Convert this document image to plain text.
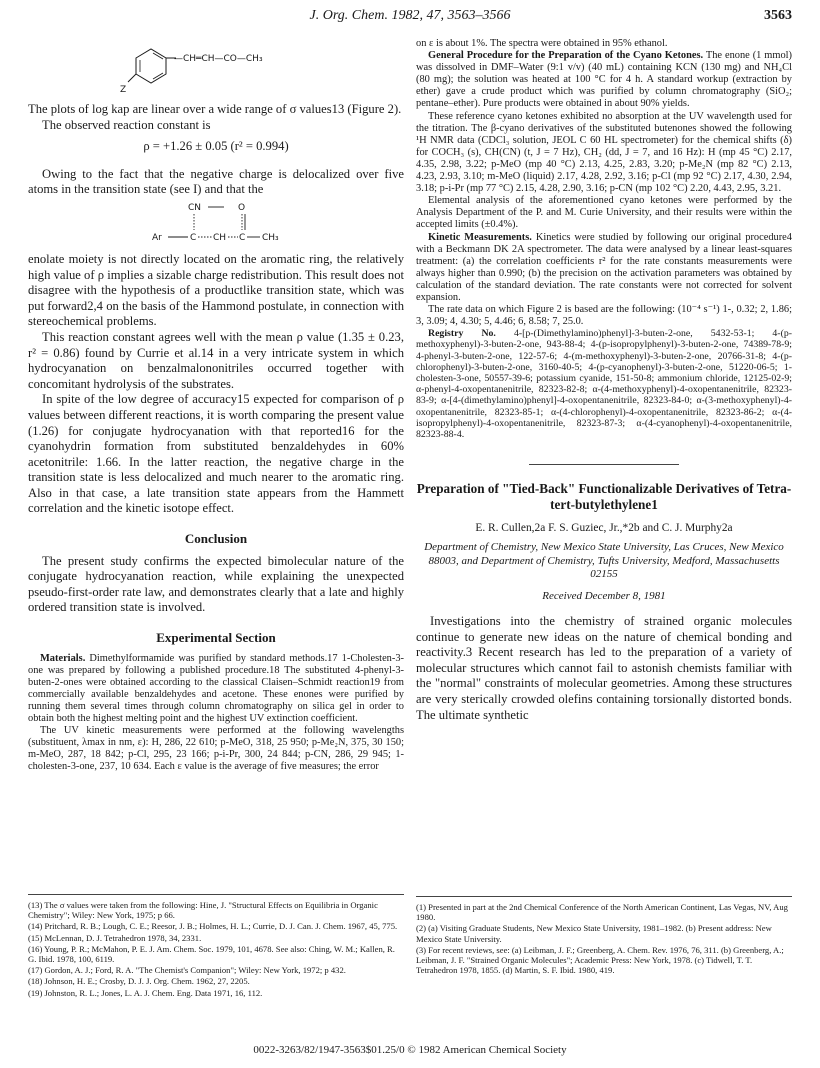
J. Org. Chem. 1982, 47, 3563–3566	3563
Z
—CH═CH—CO—CH₃

The plots of log kap are linear over a wide range of σ values13 (Figure 2).

The observed reaction constant is

ρ = +1.26 ± 0.05 (r² = 0.994)

Owing to the fact that the negative charge is delocalized over five atoms in the transition state (see I) and that the

CN	O
Ar	C CH C CH₃

enolate moiety is not directly located on the aromatic ring, the relatively high value of ρ implies a sizable charge redistribution. This result does not disagree with the hypothesis of a productlike transition state, which was put forward2,4 on the basis of the Hammond postulate, in connection with stereochemical problems.

This reaction constant agrees well with the mean ρ value (1.35 ± 0.23, r² = 0.86) found by Currie et al.14 in a very intricate system in which hydrocyanation on benzalmalononitriles occurred together with concomitant hydrolysis of the substrates.

In spite of the low degree of accuracy15 expected for comparison of ρ values between different reactions, it is worth comparing the present value (1.26) for conjugate hydrocyanation with that reported16 for the cyanohydrin formation from substituted benzaldehydes in 60% acetonitrile: 1.66. In the latter reaction, the negative charge in the transition state is less delocalized and much nearer to the aromatic ring. Also in that case, a late transition state appears from the Hammett correlation and the kinetic isotope effect.

Conclusion

The present study confirms the expected bimolecular nature of the conjugate hydrocyanation reaction, while explaining the unexpected pseudo-first-order rate law, and demonstrates clearly that a late and highly ordered transition state is involved.

Experimental Section

Materials. Dimethylformamide was purified by standard methods.17 1-Cholesten-3-one was prepared by following a published procedure.18 The substituted 4-phenyl-3-buten-2-ones were obtained according to the classical Claisen–Schmidt reaction19 from commercially available benzaldehydes and acetone. These enones were purified by running them several times through column chromatography on silica gel in order to obtain both the highest melting point and the highest UV extinction coefficient.

The UV kinetic measurements were performed at the following wavelengths (substituent, λmax in nm, ε): H, 286, 22 610; p-MeO, 318, 25 950; p-Me₂N, 375, 30 150; m-MeO, 287, 18 842; p-Cl, 295, 23 166; p-i-Pr, 300, 24 844; p-CN, 286, 29 945; 1-cholesten-3-one, 237, 10 634. Each ε value is the average of five measures; the error

(13) The σ values were taken from the following: Hine, J. "Structural Effects on Equilibria in Organic Chemistry"; Wiley: New York, 1975; p 66.

(14) Pritchard, R. B.; Lough, C. E.; Reesor, J. B.; Holmes, H. L.; Currie, D. J. Can. J. Chem. 1967, 45, 775.

(15) McLennan, D. J. Tetrahedron 1978, 34, 2331.

(16) Young, P. R.; McMahon, P. E. J. Am. Chem. Soc. 1979, 101, 4678. See also: Ching, W. M.; Kallen, R. G. Ibid. 1978, 100, 6119.

(17) Gordon, A. J.; Ford, R. A. "The Chemist's Companion"; Wiley: New York, 1972; p 432.

(18) Johnson, H. E.; Crosby, D. J. J. Org. Chem. 1962, 27, 2205.

(19) Johnston, R. L.; Jones, L. A. J. Chem. Eng. Data 1971, 16, 112.

on ε is about 1%. The spectra were obtained in 95% ethanol.

General Procedure for the Preparation of the Cyano Ketones. The enone (1 mmol) was dissolved in DMF–Water (9:1 v/v) (40 mL) containing KCN (130 mg) and NH₄Cl (80 mg); the solution was heated at 100 °C for 4 h. A standard workup (extraction by ether) gave a crude product which was purified by column chromatography (SiO₂; pentane–ether). Pure products were obtained in about 90% yields.

These reference cyano ketones exhibited no absorption at the UV wavelength used for the titration. The β-cyano derivatives of the substituted butenones showed the following ¹H NMR data (CDCl₃ solution, JEOL C 60 HL spectrometer) for the chemical shifts (δ) for COCH₃ (s), CH(CN) (t, J = 7 Hz), CH₂ (dd, J = 7, and 16 Hz): H (mp 45 °C) 2.17, 4.35, 2.98, 3.22; p-MeO (mp 40 °C) 2.13, 4.25, 2.83, 3.20; p-Me₂N (mp 82 °C) 2.13, 4.23, 2.93, 3.10; m-MeO (liquid) 2.17, 4.28, 2.92, 3.16; p-Cl (mp 92 °C) 2.17, 4.30, 2.94, 3.18; p-i-Pr (mp 77 °C) 2.15, 4.28, 2.90, 3.16; p-CN (mp 102 °C) 2.20, 4.43, 2.95, 3.21.

Elemental analysis of the aforementioned cyano ketones were performed by the Analysis Department of the P. and M. Curie University, and their results were within the accepted limits (±0.4%).

Kinetic Measurements. Kinetics were studied by following our original procedure4 with a Beckmann DK 2A spectrometer. The data were analysed by a linear least-squares treatment: (a) the correlation coefficients r² for the rate constants measurements were always higher than 0.990; (b) the precision on the activation parameters was obtained by calculation of the standard deviation. The rate constants were not corrected for solvent expansion.

The rate data on which Figure 2 is based are the following: (10⁻⁴ s⁻¹) 1-, 0.32; 2, 1.86; 3, 3.09; 4, 4.30; 5, 4.46; 6, 8.58; 7, 25.0.

Registry No. 4-[p-(Dimethylamino)phenyl]-3-buten-2-one, 5432-53-1; 4-(p-methoxyphenyl)-3-buten-2-one, 943-88-4; 4-(p-isopropylphenyl)-3-buten-2-one, 74389-78-9; 4-phenyl-3-buten-2-one, 122-57-6; 4-(m-methoxyphenyl)-3-buten-2-one, 20766-31-8; 4-(p-chlorophenyl)-3-buten-2-one, 3160-40-5; 4-(p-cyanophenyl)-3-buten-2-one, 51220-06-5; 1-cholesten-3-one, 50557-39-6; potassium cyanide, 151-50-8; ammonium chloride, 12125-02-9; α-phenyl-4-oxopentanenitrile, 82323-82-8; α-(4-methoxyphenyl)-4-oxopentanenitrile, 82323-83-9; α-[4-(dimethylamino)phenyl]-4-oxopentanenitrile, 82323-84-0; α-(3-methoxyphenyl)-4-oxopentanenitrile, 82323-85-1; α-(4-chlorophenyl)-4-oxopentanenitrile, 82323-86-2; α-(4-isopropylphenyl)-4-oxopentanenitrile, 82323-87-3; α-(4-cyanophenyl)-4-oxopentanenitrile, 82323-88-4.

Preparation of "Tied-Back" Functionalizable Derivatives of Tetra-tert-butylethylene1
E. R. Cullen,2a F. S. Guziec, Jr.,*2b and C. J. Murphy2a
Department of Chemistry, New Mexico State University, Las Cruces, New Mexico 88003, and Department of Chemistry, Tufts University, Medford, Massachusetts 02155
Received December 8, 1981

Investigations into the chemistry of strained organic molecules continue to generate new ideas on the nature of chemical bonding and reactivity.3 Recent research has led to the preparation of a variety of molecular structures which cannot fail to astonish chemists familiar with the "normal" constraints of molecular geometries. Among these structures are very sterically crowded olefins containing torsionally distorted bonds. The ultimate synthetic

(1) Presented in part at the 2nd Chemical Conference of the North American Continent, Las Vegas, NV, Aug 1980.

(2) (a) Visiting Graduate Students, New Mexico State University, 1981–1982. (b) Present address: New Mexico State University.

(3) For recent reviews, see: (a) Leibman, J. F.; Greenberg, A. Chem. Rev. 1976, 76, 311. (b) Greenberg, A.; Leibman, J. F. "Strained Organic Molecules"; Academic Press: New York, 1978. (c) Tidwell, T. T. Tetrahedron 1978, 1855. (d) Martin, S. F. Ibid. 1980, 419.

0022-3263/82/1947-3563$01.25/0 © 1982 American Chemical Society
